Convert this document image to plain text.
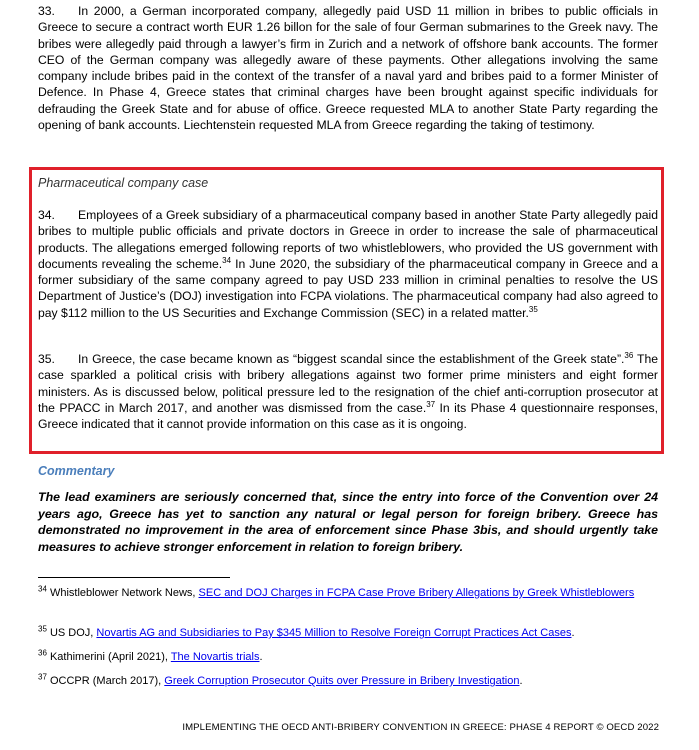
33. In 2000, a German incorporated company, allegedly paid USD 11 million in bribes to public officials in Greece to secure a contract worth EUR 1.26 billon for the sale of four German submarines to the Greek navy. The bribes were allegedly paid through a lawyer’s firm in Zurich and a network of offshore bank accounts. The former CEO of the German company was allegedly aware of these payments. Other allegations involving the same company include bribes paid in the context of the transfer of a naval yard and bribes paid to a former Minister of Defence. In Phase 4, Greece states that criminal charges have been brought against specific individuals for defrauding the Greek State and for abuse of office. Greece requested MLA to another State Party regarding the opening of bank accounts. Liechtenstein requested MLA from Greece regarding the taking of testimony.

Pharmaceutical company case

34. Employees of a Greek subsidiary of a pharmaceutical company based in another State Party allegedly paid bribes to multiple public officials and private doctors in Greece in order to increase the sale of pharmaceutical products. The allegations emerged following reports of two whistleblowers, who provided the US government with documents revealing the scheme.$^{34}$ In June 2020, the subsidiary of the pharmaceutical company in Greece and a former subsidiary of the same company agreed to pay USD 233 million in criminal penalties to resolve the US Department of Justice’s (DOJ) investigation into FCPA violations. The pharmaceutical company had also agreed to pay $112 million to the US Securities and Exchange Commission (SEC) in a related matter.$^{35}$

35. In Greece, the case became known as “biggest scandal since the establishment of the Greek state”.$^{36}$ The case sparkled a political crisis with bribery allegations against two former prime ministers and eight former ministers. As is discussed below, political pressure led to the resignation of the chief anti-corruption prosecutor at the PPACC in March 2017, and another was dismissed from the case.$^{37}$ In its Phase 4 questionnaire responses, Greece indicated that it cannot provide information on this case as it is ongoing.

Commentary

The lead examiners are seriously concerned that, since the entry into force of the Convention over 24 years ago, Greece has yet to sanction any natural or legal person for foreign bribery. Greece has demonstrated no improvement in the area of enforcement since Phase 3bis, and should urgently take measures to achieve stronger enforcement in relation to foreign bribery.

$^{34}$ Whistleblower Network News, SEC and DOJ Charges in FCPA Case Prove Bribery Allegations by Greek Whistleblowers

$^{35}$ US DOJ, Novartis AG and Subsidiaries to Pay $345 Million to Resolve Foreign Corrupt Practices Act Cases.

$^{36}$ Kathimerini (April 2021), The Novartis trials.

$^{37}$ OCCPR (March 2017), Greek Corruption Prosecutor Quits over Pressure in Bribery Investigation.

IMPLEMENTING THE OECD ANTI-BRIBERY CONVENTION IN GREECE: PHASE 4 REPORT © OECD 2022
